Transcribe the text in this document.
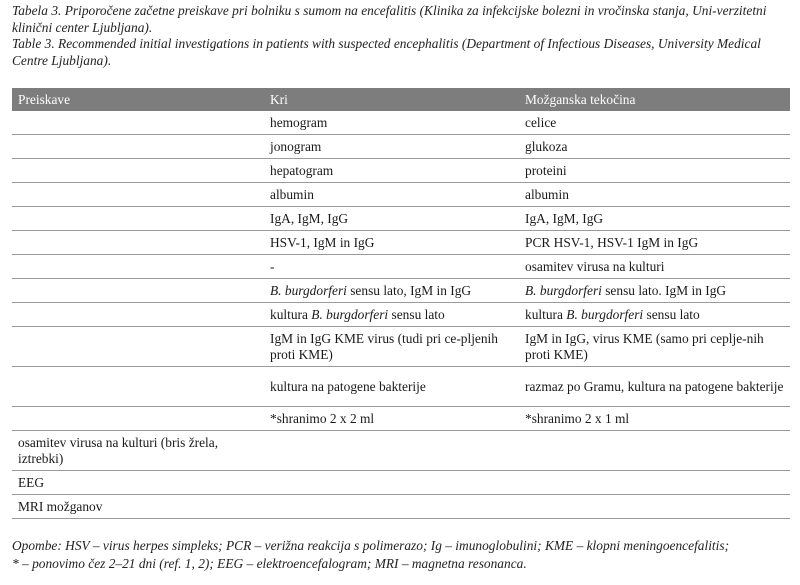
Tabela 3. Priporočene začetne preiskave pri bolniku s sumom na encefalitis (Klinika za infekcijske bolezni in vročinska stanja, Uni-verzitetni klinični center Ljubljana).

Table 3. Recommended initial investigations in patients with suspected encephalitis (Department of Infectious Diseases, University Medical Centre Ljubljana).

Preiskave	Kri	Možganska tekočina
	hemogram	celice
	jonogram	glukoza
	hepatogram	proteini
	albumin	albumin
	IgA, IgM, IgG	IgA, IgM, IgG
	HSV-1, IgM in IgG	PCR HSV-1, HSV-1 IgM in IgG
	-	osamitev virusa na kulturi
	B. burgdorferi sensu lato, IgM in IgG	B. burgdorferi sensu lato. IgM in IgG
	kultura B. burgdorferi sensu lato	kultura B. burgdorferi sensu lato
	IgM in IgG KME virus (tudi pri ce-pljenih proti KME)	IgM in IgG, virus KME (samo pri ceplje-nih proti KME)
	kultura na patogene bakterije	razmaz po Gramu, kultura na patogene bakterije
	*shranimo 2 x 2 ml	*shranimo 2 x 1 ml
osamitev virusa na kulturi (bris žrela, iztrebki)		
EEG		
MRI možganov		

Opombe: HSV – virus herpes simpleks; PCR – verižna reakcija s polimerazo; Ig – imunoglobulini; KME – klopni meningoencefalitis;

* – ponovimo čez 2–21 dni (ref. 1, 2); EEG – elektroencefalogram; MRI – magnetna resonanca.
